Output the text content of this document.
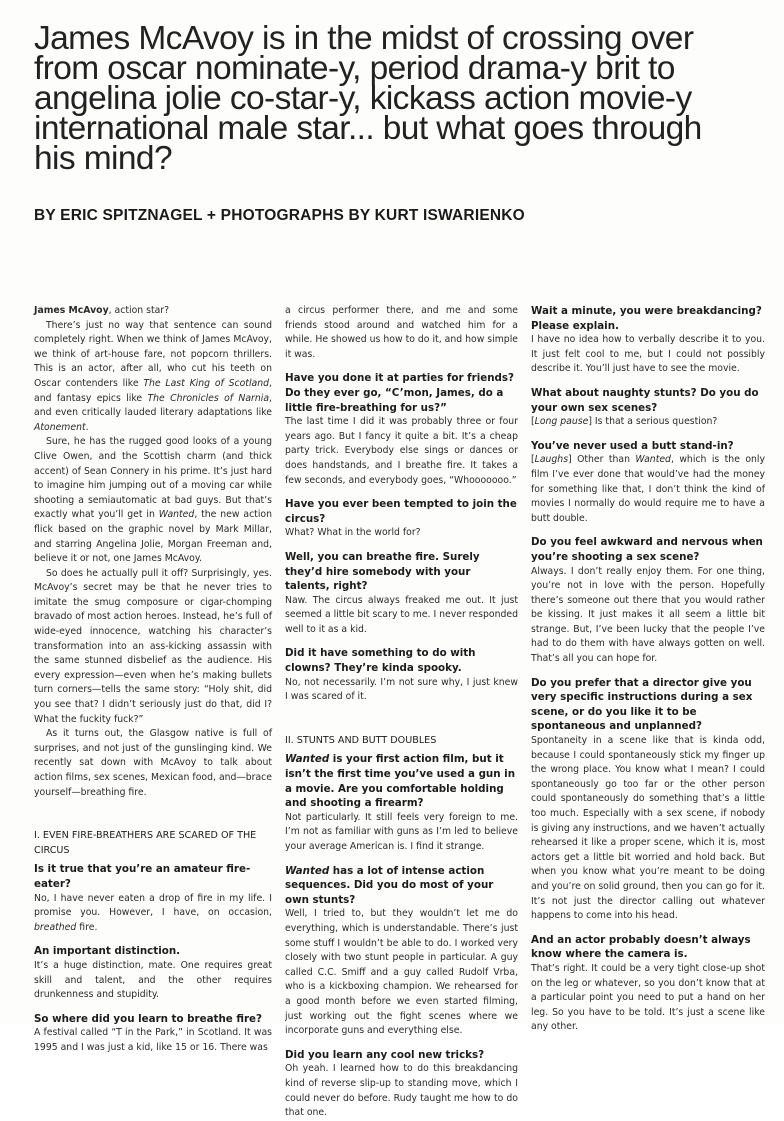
James McAvoy is in the midst of crossing over from oscar nominate-y, period drama-y brit to angelina jolie co-star-y, kickass action movie-y international male star... but what goes through his mind?
BY ERIC SPITZNAGEL + PHOTOGRAPHS BY KURT ISWARIENKO

James McAvoy, action star?

There’s just no way that sentence can sound completely right. When we think of James McAvoy, we think of art-house fare, not popcorn thrillers. This is an actor, after all, who cut his teeth on Oscar contenders like The Last King of Scotland, and fantasy epics like The Chronicles of Narnia, and even critically lauded literary adaptations like Atonement.

Sure, he has the rugged good looks of a young Clive Owen, and the Scottish charm (and thick accent) of Sean Connery in his prime. It’s just hard to imagine him jumping out of a moving car while shooting a semiautomatic at bad guys. But that’s exactly what you’ll get in Wanted, the new action flick based on the graphic novel by Mark Millar, and starring Angelina Jolie, Morgan Freeman and, believe it or not, one James McAvoy.

So does he actually pull it off? Surprisingly, yes. McAvoy’s secret may be that he never tries to imitate the smug composure or cigar-chomping bravado of most action heroes. Instead, he’s full of wide-eyed innocence, watching his character’s transformation into an ass-kicking assassin with the same stunned disbelief as the audience. His every expression—even when he’s making bullets turn corners—tells the same story: “Holy shit, did you see that? I didn’t seriously just do that, did I? What the fuckity fuck?”

As it turns out, the Glasgow native is full of surprises, and not just of the gunslinging kind. We recently sat down with McAvoy to talk about action films, sex scenes, Mexican food, and—brace yourself—breathing fire.

I. EVEN FIRE-BREATHERS ARE SCARED OF THE CIRCUS
Is it true that you’re an amateur fire-eater?

No, I have never eaten a drop of fire in my life. I promise you. However, I have, on occasion, breathed fire.

An important distinction.

It’s a huge distinction, mate. One requires great skill and talent, and the other requires drunkenness and stupidity.

So where did you learn to breathe fire?

A festival called “T in the Park,” in Scotland. It was 1995 and I was just a kid, like 15 or 16. There was

a circus performer there, and me and some friends stood around and watched him for a while. He showed us how to do it, and how simple it was.

Have you done it at parties for friends? Do they ever go, “C’mon, James, do a little fire-breathing for us?”

The last time I did it was probably three or four years ago. But I fancy it quite a bit. It’s a cheap party trick. Everybody else sings or dances or does handstands, and I breathe fire. It takes a few seconds, and everybody goes, “Whooooooo.”

Have you ever been tempted to join the circus?

What? What in the world for?

Well, you can breathe fire. Surely they’d hire somebody with your talents, right?

Naw. The circus always freaked me out. It just seemed a little bit scary to me. I never responded well to it as a kid.

Did it have something to do with clowns? They’re kinda spooky.

No, not necessarily. I’m not sure why, I just knew I was scared of it.

II. STUNTS AND BUTT DOUBLES
Wanted is your first action film, but it isn’t the first time you’ve used a gun in a movie. Are you comfortable holding and shooting a firearm?

Not particularly. It still feels very foreign to me. I’m not as familiar with guns as I’m led to believe your average American is. I find it strange.

Wanted has a lot of intense action sequences. Did you do most of your own stunts?

Well, I tried to, but they wouldn’t let me do everything, which is understandable. There’s just some stuff I wouldn’t be able to do. I worked very closely with two stunt people in particular. A guy called C.C. Smiff and a guy called Rudolf Vrba, who is a kickboxing champion. We rehearsed for a good month before we even started filming, just working out the fight scenes where we incorporate guns and everything else.

Did you learn any cool new tricks?

Oh yeah. I learned how to do this breakdancing kind of reverse slip-up to standing move, which I could never do before. Rudy taught me how to do that one.

Wait a minute, you were breakdancing? Please explain.

I have no idea how to verbally describe it to you. It just felt cool to me, but I could not possibly describe it. You’ll just have to see the movie.

What about naughty stunts? Do you do your own sex scenes?

[Long pause] Is that a serious question?

You’ve never used a butt stand-in?

[Laughs] Other than Wanted, which is the only film I’ve ever done that would’ve had the money for something like that, I don’t think the kind of movies I normally do would require me to have a butt double.

Do you feel awkward and nervous when you’re shooting a sex scene?

Always. I don’t really enjoy them. For one thing, you’re not in love with the person. Hopefully there’s someone out there that you would rather be kissing. It just makes it all seem a little bit strange. But, I’ve been lucky that the people I’ve had to do them with have always gotten on well. That’s all you can hope for.

Do you prefer that a director give you very specific instructions during a sex scene, or do you like it to be spontaneous and unplanned?

Spontaneity in a scene like that is kinda odd, because I could spontaneously stick my finger up the wrong place. You know what I mean? I could spontaneously go too far or the other person could spontaneously do something that’s a little too much. Especially with a sex scene, if nobody is giving any instructions, and we haven’t actually rehearsed it like a proper scene, which it is, most actors get a little bit worried and hold back. But when you know what you’re meant to be doing and you’re on solid ground, then you can go for it. It’s not just the director calling out whatever happens to come into his head.

And an actor probably doesn’t always know where the camera is.

That’s right. It could be a very tight close-up shot on the leg or whatever, so you don’t know that at a particular point you need to put a hand on her leg. So you have to be told. It’s just a scene like any other.
